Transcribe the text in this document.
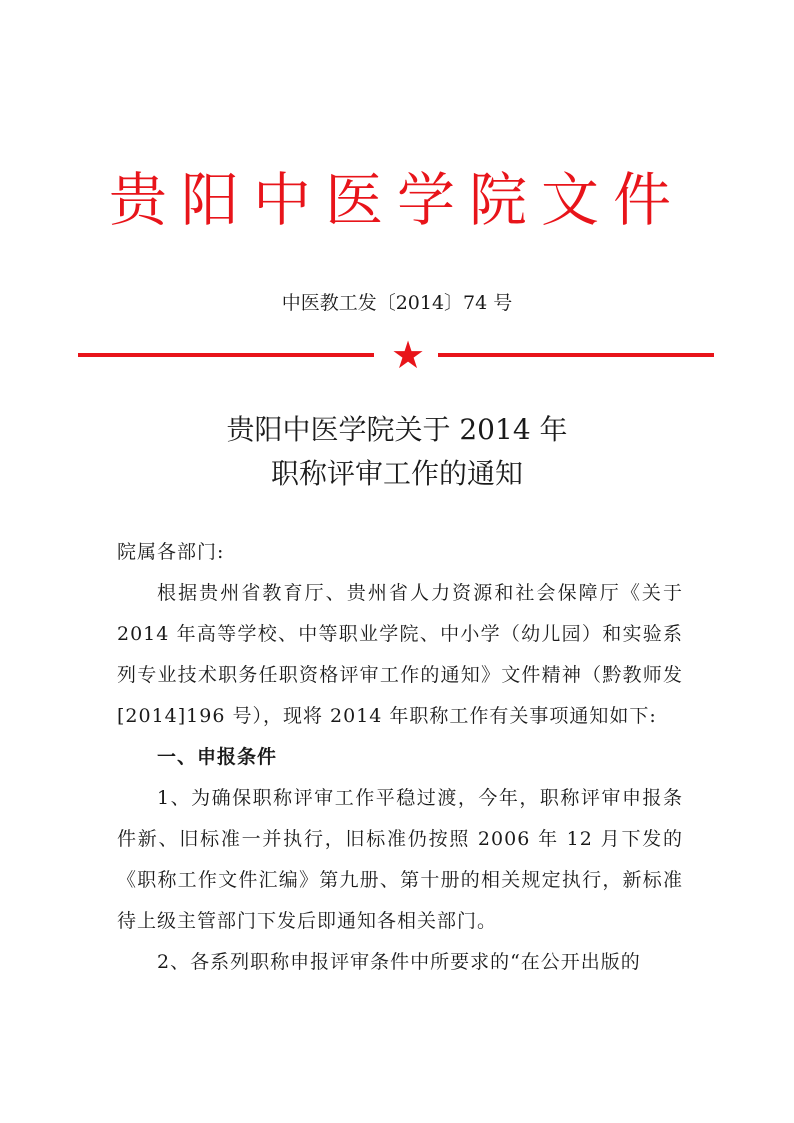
贵阳中医学院文件
中医教工发〔2014〕74 号
★
贵阳中医学院关于 2014 年
职称评审工作的通知

院属各部门:

根据贵州省教育厅、贵州省人力资源和社会保障厅《关于 2014 年高等学校、中等职业学院、中小学（幼儿园）和实验系列专业技术职务任职资格评审工作的通知》文件精神（黔教师发[2014]196 号），现将 2014 年职称工作有关事项通知如下:

一、申报条件

1、为确保职称评审工作平稳过渡，今年，职称评审申报条件新、旧标准一并执行，旧标准仍按照 2006 年 12 月下发的《职称工作文件汇编》第九册、第十册的相关规定执行，新标准待上级主管部门下发后即通知各相关部门。

2、各系列职称申报评审条件中所要求的“在公开出版的
